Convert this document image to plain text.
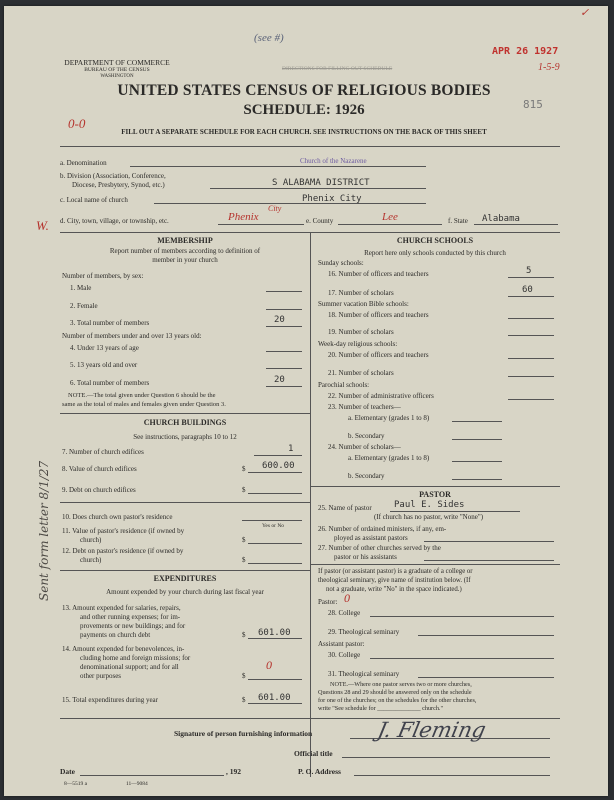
DEPARTMENT OF COMMERCE
BUREAU OF THE CENSUS
WASHINGTON
UNITED STATES CENSUS OF RELIGIOUS BODIES
SCHEDULE: 1926
FILL OUT A SEPARATE SCHEDULE FOR EACH CHURCH. SEE INSTRUCTIONS ON THE BACK OF THIS SHEET
DIRECTIONS FOR FILLING OUT SCHEDULE
(see #)
APR 26 1927
1-5-9
815
0-0
✓
W.
Sent form letter 8/1/27
a. Denomination	Church of the Nazarene
b. Division (Association, Conference,
Diocese, Presbytery, Synod, etc.)	S ALABAMA DISTRICT
c. Local name of church	Phenix City
d. City, town, village, or township, etc.	Phenix
City
e. County	Lee	f. State Alabama
MEMBERSHIP
Report number of members according to definition of
member in your church
Number of members, by sex:
1. Male
2. Female
3. Total number of members	20
Number of members under and over 13 years old:
4. Under 13 years of age
5. 13 years old and over
6. Total number of members	20
NOTE.—The total given under Question 6 should be the
same as the total of males and females given under Question 3.
CHURCH BUILDINGS
See instructions, paragraphs 10 to 12
7. Number of church edifices	1
8. Value of church edifices	$ 600.00
9. Debt on church edifices	$
10. Does church own pastor's residence
Yes or No
11. Value of pastor's residence (if owned by
church)	$
12. Debt on pastor's residence (if owned by
church)	$
EXPENDITURES
Amount expended by your church during last fiscal year
13. Amount expended for salaries, repairs,
and other running expenses; for im-
provements or new buildings; and for
payments on church debt	$ 601.00
14. Amount expended for benevolences, in-
cluding home and foreign missions; for
denominational support; and for all
other purposes	$
0
15. Total expenditures during year	$ 601.00
CHURCH SCHOOLS
Report here only schools conducted by this church
Sunday schools:
16. Number of officers and teachers	5
17. Number of scholars	60
Summer vacation Bible schools:
18. Number of officers and teachers
19. Number of scholars
Week-day religious schools:
20. Number of officers and teachers
21. Number of scholars
Parochial schools:
22. Number of administrative officers
23. Number of teachers—
a. Elementary (grades 1 to 8)
b. Secondary
24. Number of scholars—
a. Elementary (grades 1 to 8)
b. Secondary
PASTOR
25. Name of pastor Paul E. Sides
(If church has no pastor, write "None")
26. Number of ordained ministers, if any, em-
ployed as assistant pastors
27. Number of other churches served by the
pastor or his assistants
If pastor (or assistant pastor) is a graduate of a college or
theological seminary, give name of institution below. (If
not a graduate, write "No" in the space indicated.)
Pastor: 0
28. College
29. Theological seminary
Assistant pastor:
30. College
31. Theological seminary
NOTE.—Where one pastor serves two or more churches,
Questions 28 and 29 should be answered only on the schedule
for one of the churches; on the schedules for the other churches,
write "See schedule for ______________ church."
Signature of person furnishing information	J. Fleming
Official title
Date	, 192	P. O. Address
8—5519 a	11—9084
